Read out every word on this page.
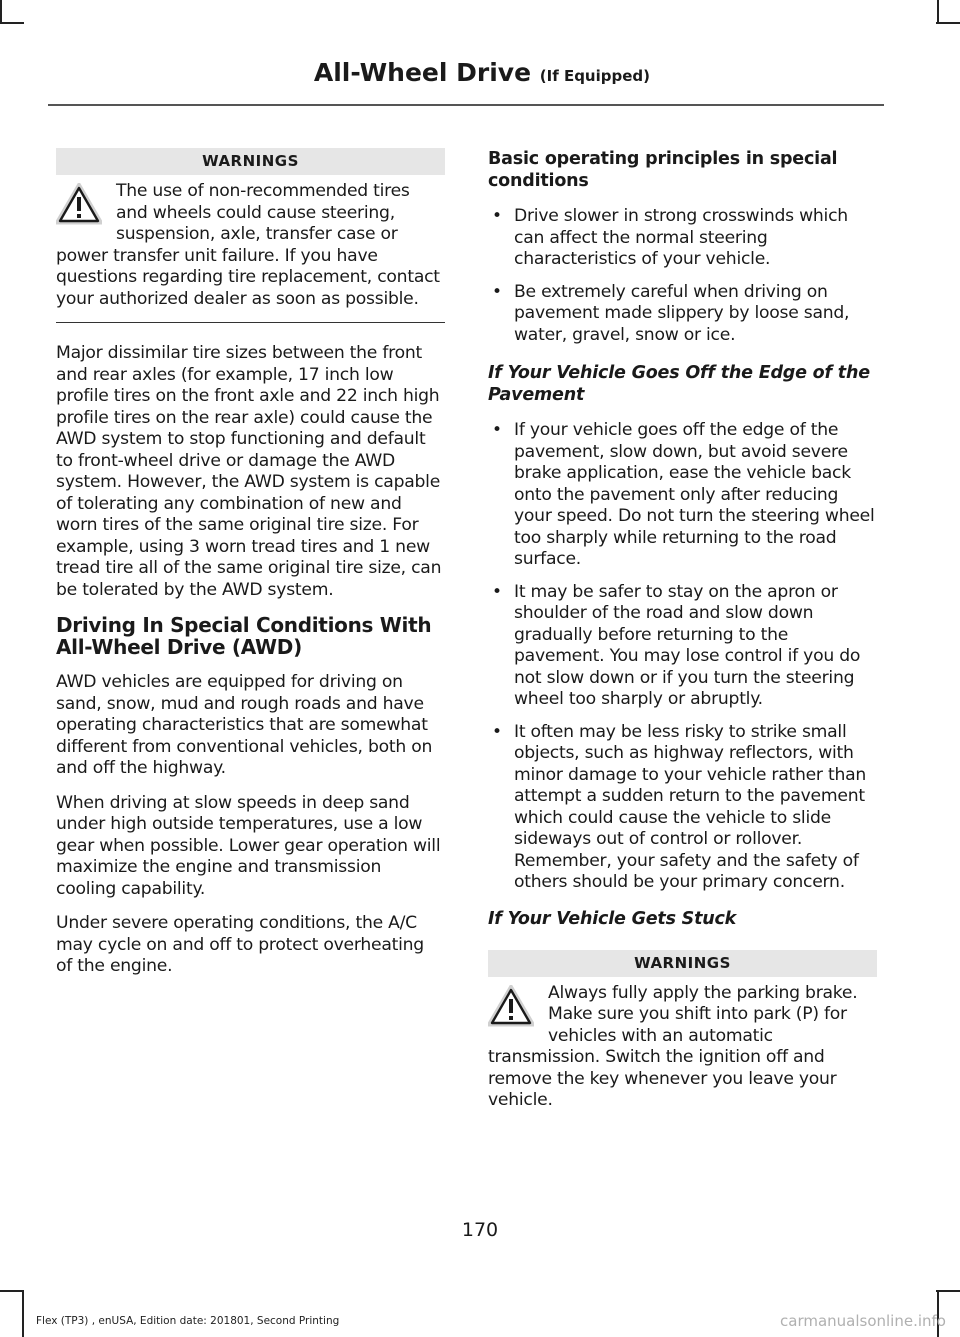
All-Wheel Drive (If Equipped)
WARNINGS

The use of non-recommended tires and wheels could cause steering, suspension, axle, transfer case or power transfer unit failure. If you have questions regarding tire replacement, contact your authorized dealer as soon as possible.

Major dissimilar tire sizes between the front and rear axles (for example, 17 inch low profile tires on the front axle and 22 inch high profile tires on the rear axle) could cause the AWD system to stop functioning and default to front-wheel drive or damage the AWD system. However, the AWD system is capable of tolerating any combination of new and worn tires of the same original tire size. For example, using 3 worn tread tires and 1 new tread tire all of the same original tire size, can be tolerated by the AWD system.

Driving In Special Conditions With All-Wheel Drive (AWD)

AWD vehicles are equipped for driving on sand, snow, mud and rough roads and have operating characteristics that are somewhat different from conventional vehicles, both on and off the highway.

When driving at slow speeds in deep sand under high outside temperatures, use a low gear when possible. Lower gear operation will maximize the engine and transmission cooling capability.

Under severe operating conditions, the A/C may cycle on and off to protect overheating of the engine.

Basic operating principles in special conditions
• Drive slower in strong crosswinds which can affect the normal steering characteristics of your vehicle.
• Be extremely careful when driving on pavement made slippery by loose sand, water, gravel, snow or ice.
If Your Vehicle Goes Off the Edge of the Pavement
• If your vehicle goes off the edge of the pavement, slow down, but avoid severe brake application, ease the vehicle back onto the pavement only after reducing your speed. Do not turn the steering wheel too sharply while returning to the road surface.
• It may be safer to stay on the apron or shoulder of the road and slow down gradually before returning to the pavement. You may lose control if you do not slow down or if you turn the steering wheel too sharply or abruptly.
• It often may be less risky to strike small objects, such as highway reflectors, with minor damage to your vehicle rather than attempt a sudden return to the pavement which could cause the vehicle to slide sideways out of control or rollover. Remember, your safety and the safety of others should be your primary concern.
If Your Vehicle Gets Stuck
WARNINGS

Always fully apply the parking brake. Make sure you shift into park (P) for vehicles with an automatic transmission. Switch the ignition off and remove the key whenever you leave your vehicle.

170
Flex (TP3) , enUSA, Edition date: 201801, Second Printing	carmanualsonline.info
